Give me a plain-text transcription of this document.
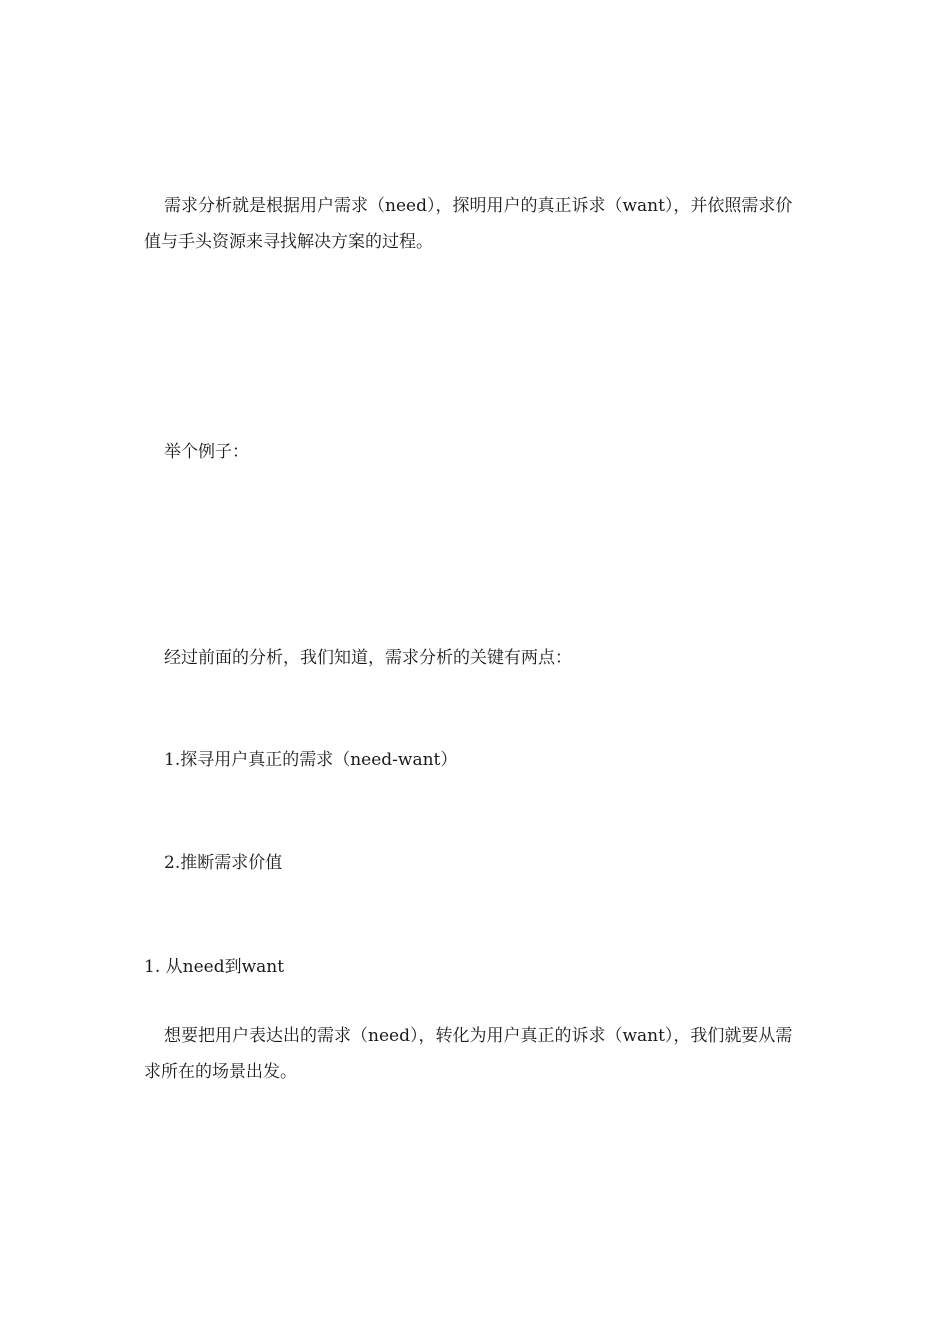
需求分析就是根据用户需求（need），探明用户的真正诉求（want），并依照需求价值与手头资源来寻找解决方案的过程。

举个例子：

经过前面的分析，我们知道，需求分析的关键有两点：

1.探寻用户真正的需求（need-want）

2.推断需求价值

1. 从need到want

想要把用户表达出的需求（need），转化为用户真正的诉求（want），我们就要从需求所在的场景出发。
